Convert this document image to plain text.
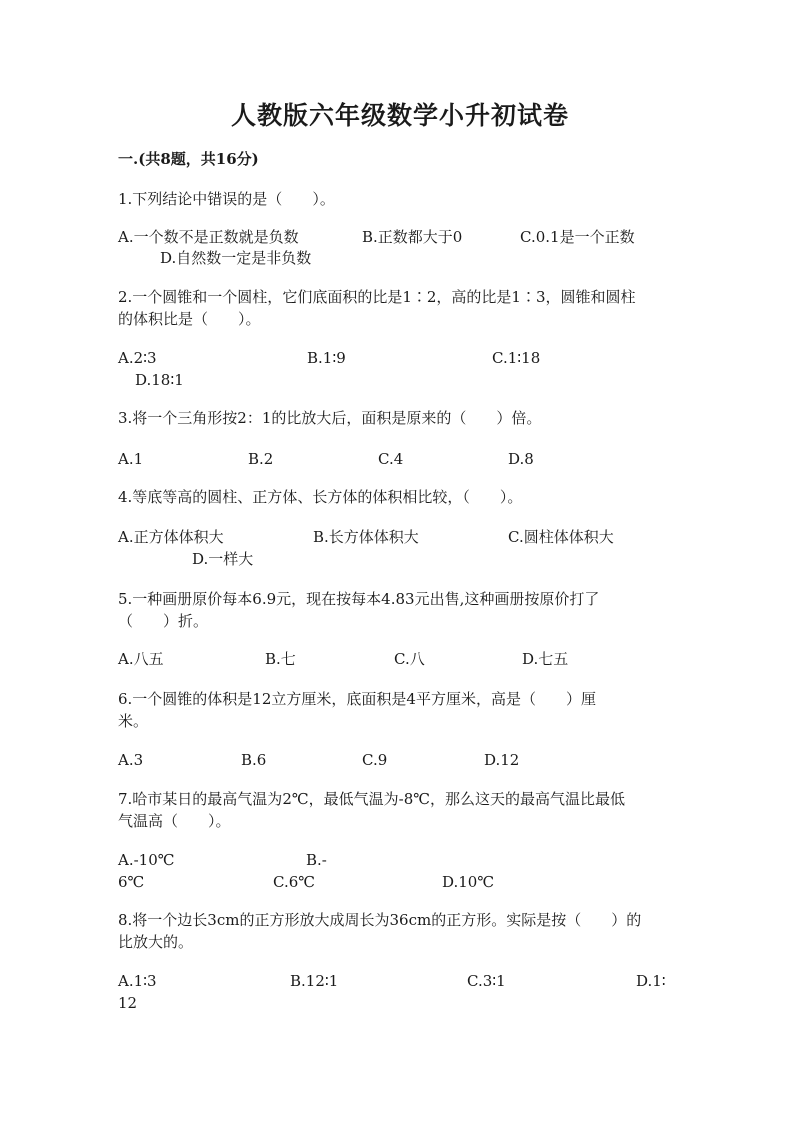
人教版六年级数学小升初试卷
一.(共8题，共16分)
1.下列结论中错误的是（　　）。
A.一个数不是正数就是负数	B.正数都大于0	C.0.1是一个正数
D.自然数一定是非负数
2.一个圆锥和一个圆柱，它们底面积的比是1∶2，高的比是1∶3，圆锥和圆柱
的体积比是（　　）。
A.2∶3	B.1∶9	C.1∶18
D.18∶1
3.将一个三角形按2：1的比放大后，面积是原来的（　　）倍。
A.1	B.2	C.4	D.8
4.等底等高的圆柱、正方体、长方体的体积相比较，（　　）。
A.正方体体积大	B.长方体体积大	C.圆柱体体积大
D.一样大
5.一种画册原价每本6.9元，现在按每本4.83元出售,这种画册按原价打了
（　　）折。
A.八五	B.七	C.八	D.七五
6.一个圆锥的体积是12立方厘米，底面积是4平方厘米，高是（　　）厘
米。
A.3	B.6	C.9	D.12
7.哈市某日的最高气温为2℃，最低气温为-8℃，那么这天的最高气温比最低
气温高（　　）。
A.-10℃	B.-
6℃	C.6℃	D.10℃
8.将一个边长3cm的正方形放大成周长为36cm的正方形。实际是按（　　）的
比放大的。
A.1∶3	B.12∶1	C.3∶1	D.1∶
12
